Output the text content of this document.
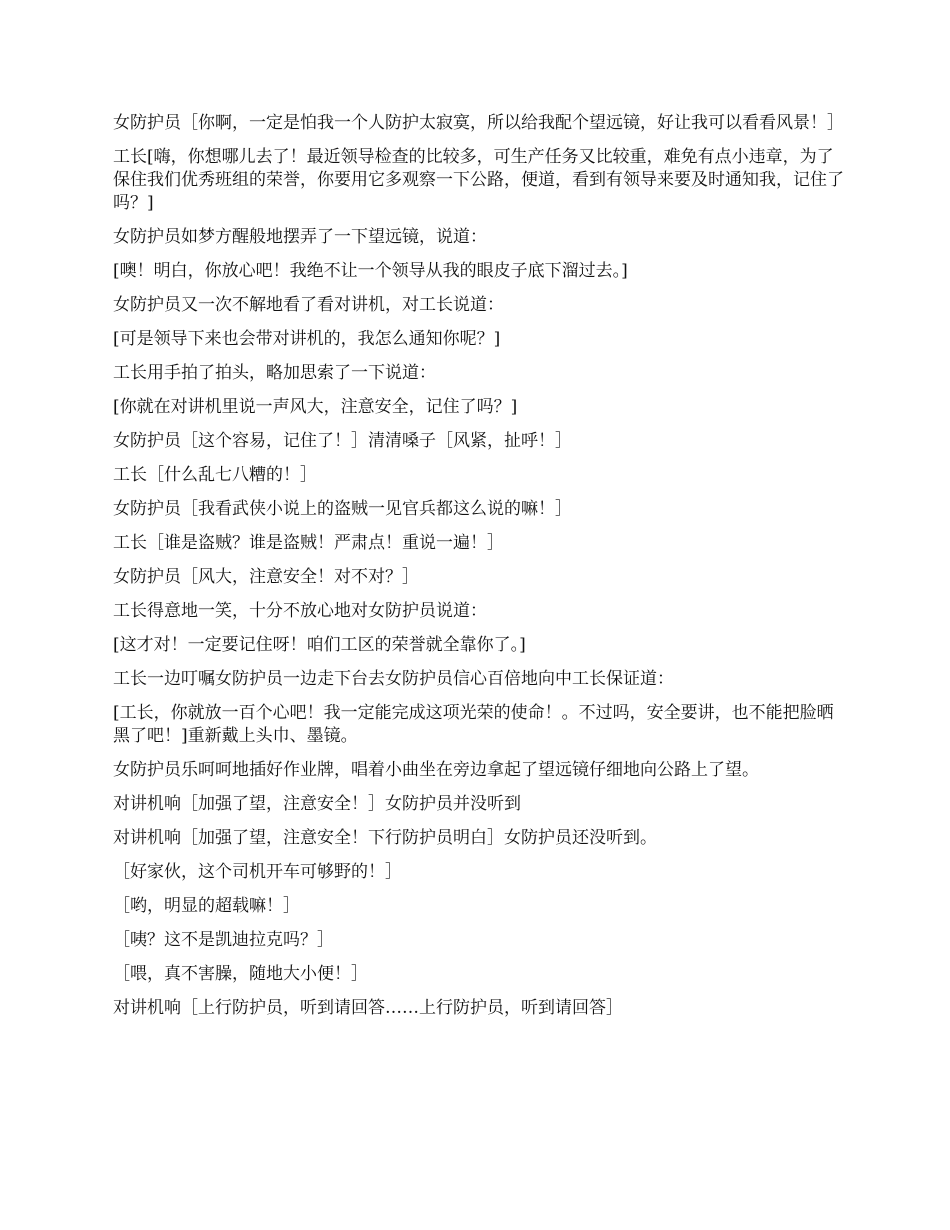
女防护员［你啊，一定是怕我一个人防护太寂寞，所以给我配个望远镜，好让我可以看看风景！］

工长[嗨，你想哪儿去了！最近领导检查的比较多，可生产任务又比较重，难免有点小违章，为了保住我们优秀班组的荣誉，你要用它多观察一下公路，便道，看到有领导来要及时通知我，记住了吗？]

女防护员如梦方醒般地摆弄了一下望远镜，说道：

[噢！明白，你放心吧！我绝不让一个领导从我的眼皮子底下溜过去。]

女防护员又一次不解地看了看对讲机，对工长说道：

[可是领导下来也会带对讲机的，我怎么通知你呢？]

工长用手拍了拍头，略加思索了一下说道：

[你就在对讲机里说一声风大，注意安全，记住了吗？]

女防护员［这个容易，记住了！］清清嗓子［风紧，扯呼！］

工长［什么乱七八糟的！］

女防护员［我看武侠小说上的盗贼一见官兵都这么说的嘛！］

工长［谁是盗贼？谁是盗贼！严肃点！重说一遍！］

女防护员［风大，注意安全！对不对？］

工长得意地一笑，十分不放心地对女防护员说道：

[这才对！一定要记住呀！咱们工区的荣誉就全靠你了。]

工长一边叮嘱女防护员一边走下台去女防护员信心百倍地向中工长保证道：

[工长，你就放一百个心吧！我一定能完成这项光荣的使命！。不过吗，安全要讲，也不能把脸晒黑了吧！]重新戴上头巾、墨镜。

女防护员乐呵呵地插好作业牌，唱着小曲坐在旁边拿起了望远镜仔细地向公路上了望。

对讲机响［加强了望，注意安全！］女防护员并没听到

对讲机响［加强了望，注意安全！下行防护员明白］女防护员还没听到。

［好家伙，这个司机开车可够野的！］

［哟，明显的超载嘛！］

［咦？这不是凯迪拉克吗？］

［喂，真不害臊，随地大小便！］

对讲机响［上行防护员，听到请回答……上行防护员，听到请回答］
